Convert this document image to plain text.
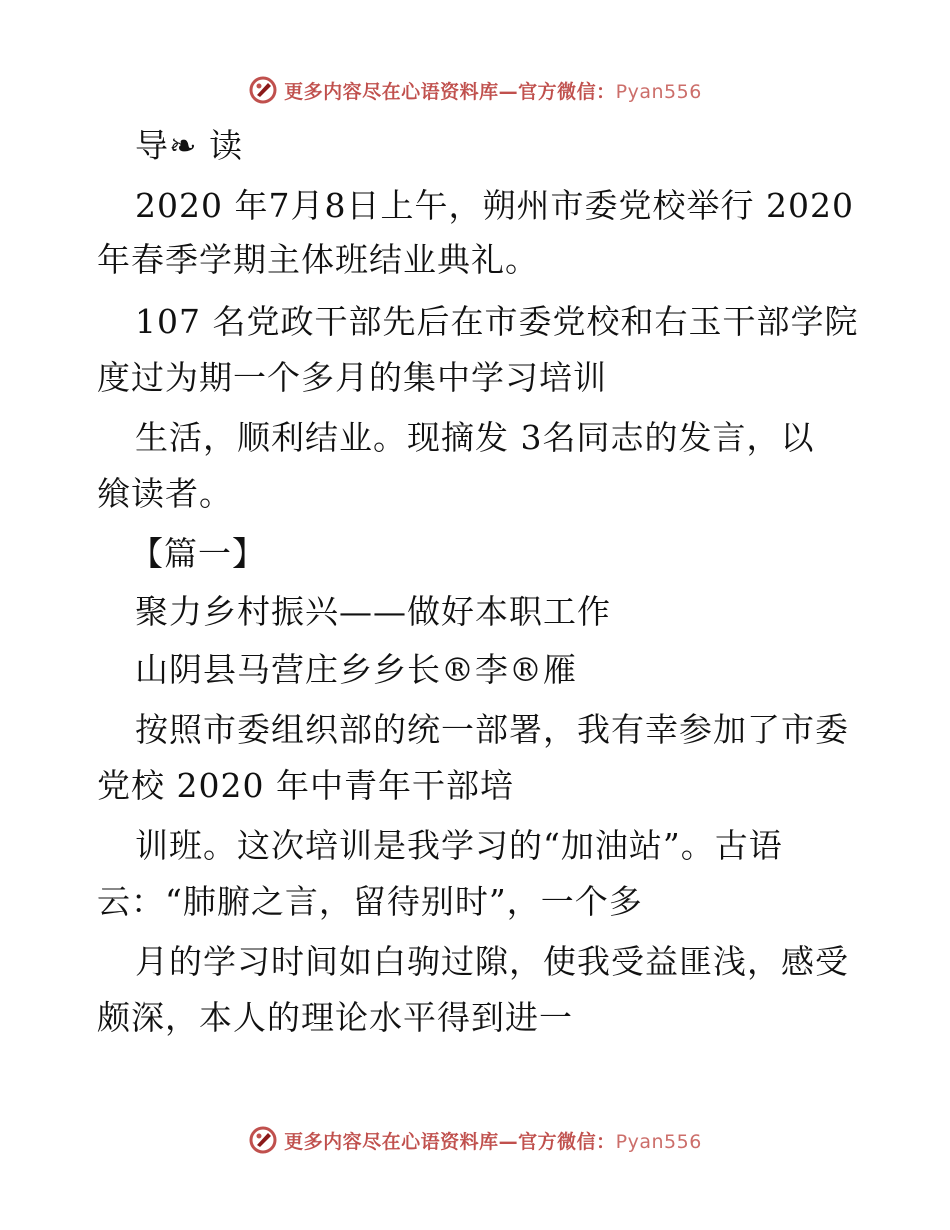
更多内容尽在心语资料库—官方微信：Pyan556
导❧ 读
2020 年7月8日上午，朔州市委党校举行 2020
年春季学期主体班结业典礼。
107 名党政干部先后在市委党校和右玉干部学院
度过为期一个多月的集中学习培训
生活，顺利结业。现摘发 3名同志的发言，以
飨读者。
【篇一】
聚力乡村振兴——做好本职工作
山阴县马营庄乡乡长®李®雁
按照市委组织部的统一部署，我有幸参加了市委
党校 2020 年中青年干部培
训班。这次培训是我学习的“加油站”。古语
云：“肺腑之言，留待别时”，一个多
月的学习时间如白驹过隙，使我受益匪浅，感受
颇深，本人的理论水平得到进一
更多内容尽在心语资料库—官方微信：Pyan556
